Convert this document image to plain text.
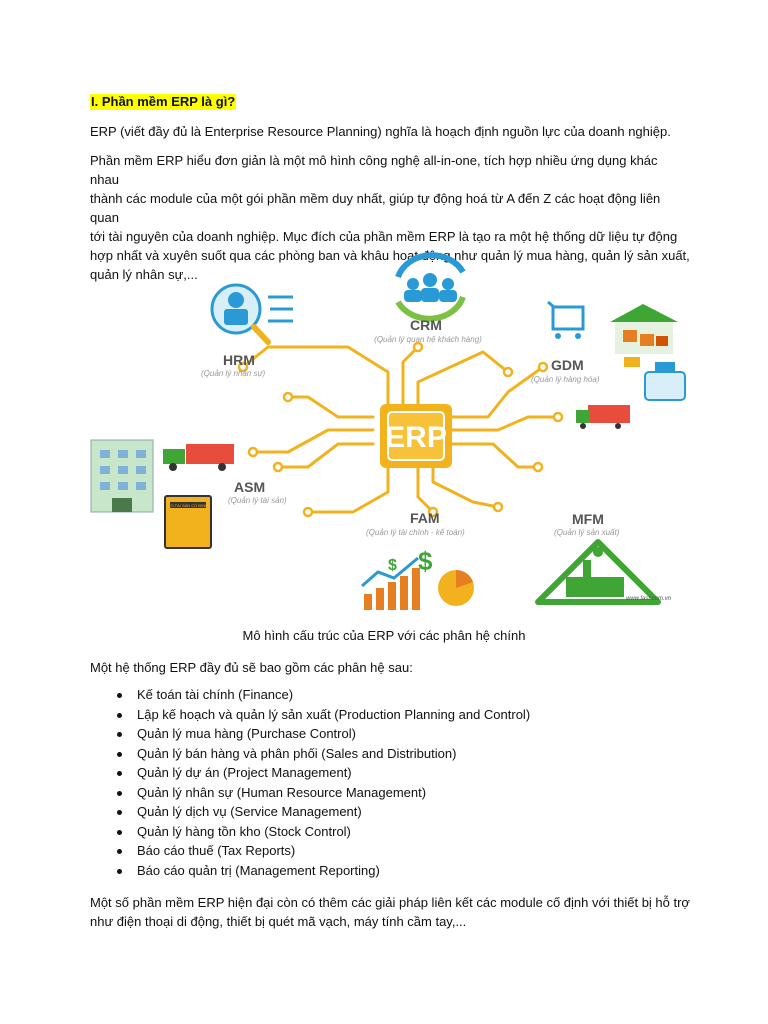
I. Phần mềm ERP là gì?
ERP (viết đầy đủ là Enterprise Resource Planning) nghĩa là hoạch định nguồn lực của doanh nghiệp.
Phần mềm ERP hiểu đơn giản là một mô hình công nghệ all-in-one, tích hợp nhiều ứng dụng khác nhau
thành các module của một gói phần mềm duy nhất, giúp tự động hoá từ A đến Z các hoạt động liên quan
tới tài nguyên của doanh nghiệp. Mục đích của phần mềm ERP là tạo ra một hệ thống dữ liệu tự động
hợp nhất và xuyên suốt qua các phòng ban và khâu hoạt động như quản lý mua hàng, quản lý sản xuất,
quản lý nhân sự,...
ERP
CRM
(Quản lý quan hệ khách hàng)
HRM
(Quản lý nhân sự)
GDM
(Quản lý hàng hóa)
SỔ TÀI SẢN CỐ ĐỊNH
ASM
(Quản lý tài sản)
FAM
(Quản lý tài chính - kế toán)
$ $
MFM
(Quản lý sản xuất)
www.fast.com.vn
Mô hình cấu trúc của ERP với các phân hệ chính
Một hệ thống ERP đầy đủ sẽ bao gồm các phân hệ sau:
Kế toán tài chính (Finance)
Lập kế hoạch và quản lý sản xuất (Production Planning and Control)
Quản lý mua hàng (Purchase Control)
Quản lý bán hàng và phân phối (Sales and Distribution)
Quản lý dự án (Project Management)
Quản lý nhân sự (Human Resource Management)
Quản lý dịch vụ (Service Management)
Quản lý hàng tồn kho (Stock Control)
Báo cáo thuế (Tax Reports)
Báo cáo quản trị (Management Reporting)
Một số phần mềm ERP hiện đại còn có thêm các giải pháp liên kết các module cố định với thiết bị hỗ trợ
như điện thoại di động, thiết bị quét mã vạch, máy tính cầm tay,...
